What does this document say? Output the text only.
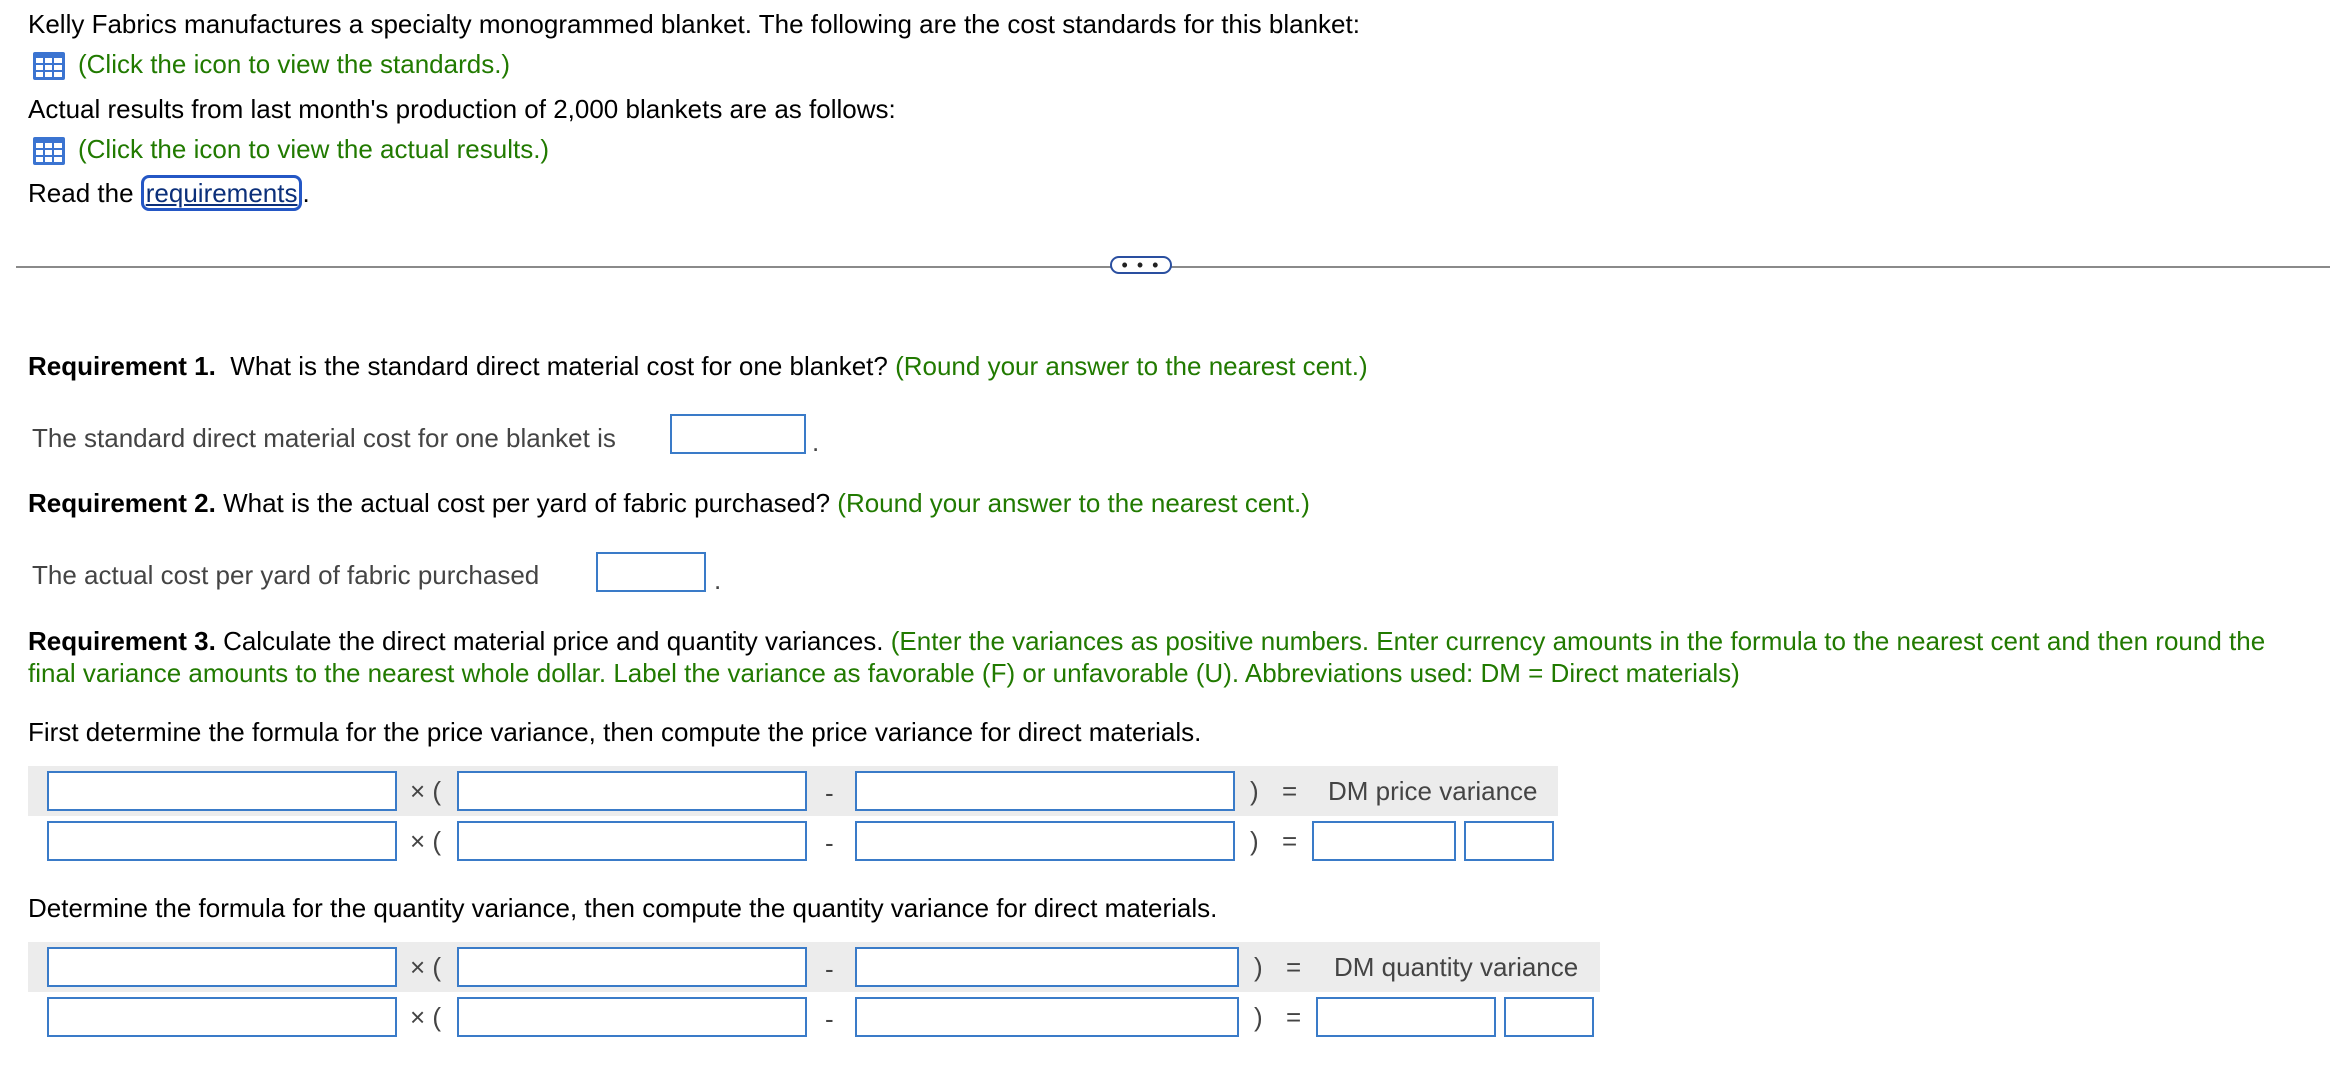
Kelly Fabrics manufactures a specialty monogrammed blanket. The following are the cost standards for this blanket:
(Click the icon to view the standards.)
Actual results from last month's production of 2,000 blankets are as follows:
(Click the icon to view the actual results.)
Read the requirements .
• • •
Requirement 1. What is the standard direct material cost for one blanket? (Round your answer to the nearest cent.)
The standard direct material cost for one blanket is	.
Requirement 2. What is the actual cost per yard of fabric purchased? (Round your answer to the nearest cent.)
The actual cost per yard of fabric purchased	.
Requirement 3. Calculate the direct material price and quantity variances. (Enter the variances as positive numbers. Enter currency amounts in the formula to the nearest cent and then round the
final variance amounts to the nearest whole dollar. Label the variance as favorable (F) or unfavorable (U). Abbreviations used: DM = Direct materials)
First determine the formula for the price variance, then compute the price variance for direct materials.
× (	-	) = DM price variance
× (	-	) =
Determine the formula for the quantity variance, then compute the quantity variance for direct materials.
× (	-	) = DM quantity variance
× (	-	) =
